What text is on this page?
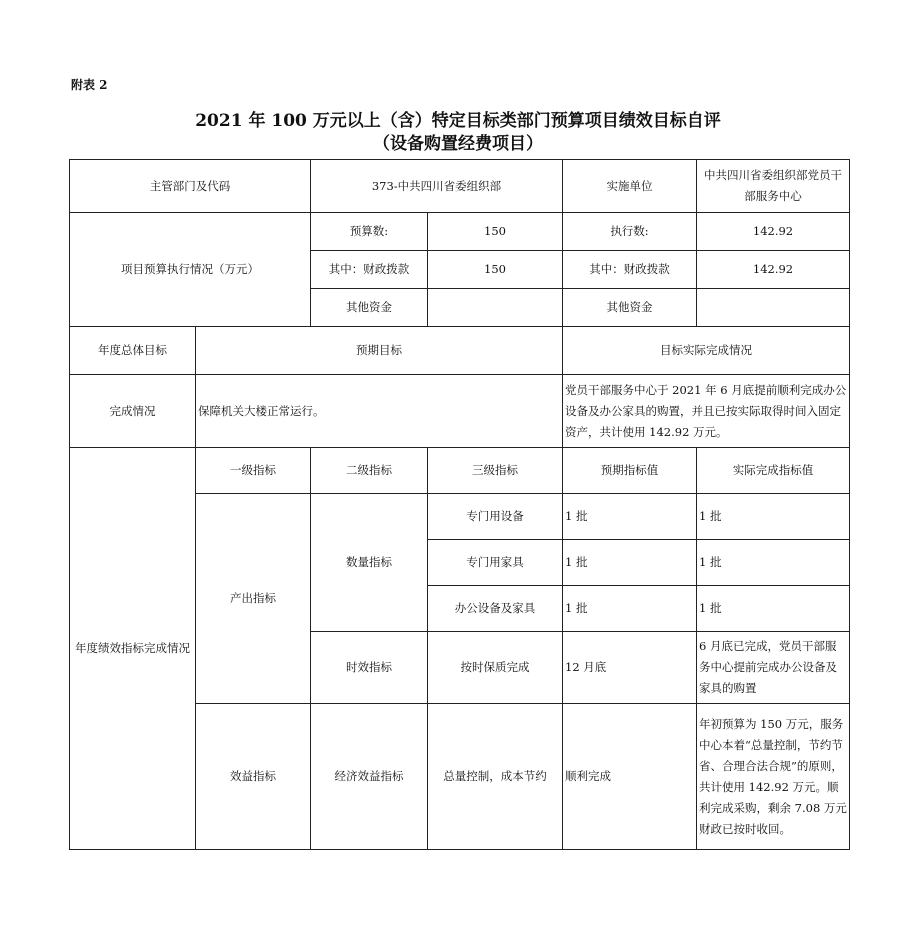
附表 2
2021 年 100 万元以上（含）特定目标类部门预算项目绩效目标自评
（设备购置经费项目）
主管部门及代码		373-中共四川省委组织部		实施单位	中共四川省委组织部党员干部服务中心
项目预算执行情况（万元）		预算数:	150	执行数:	142.92
		其中：财政拨款	150	其中：财政拨款	142.92
		其他资金		其他资金	
年度总体目标	预期目标			目标实际完成情况	
完成情况	保障机关大楼正常运行。			党员干部服务中心于 2021 年 6 月底提前顺利完成办公设备及办公家具的购置，并且已按实际取得时间入固定资产，共计使用 142.92 万元。	
年度绩效指标完成情况	一级指标	二级指标	三级指标	预期指标值	实际完成指标值
	产出指标	数量指标	专门用设备	1 批	1 批
			专门用家具	1 批	1 批
			办公设备及家具	1 批	1 批
		时效指标	按时保质完成	12 月底	6 月底已完成，党员干部服务中心提前完成办公设备及家具的购置
	效益指标	经济效益指标	总量控制，成本节约	顺利完成	年初预算为 150 万元，服务中心本着“总量控制，节约节省、合理合法合规”的原则，共计使用 142.92 万元。顺利完成采购，剩余 7.08 万元财政已按时收回。
